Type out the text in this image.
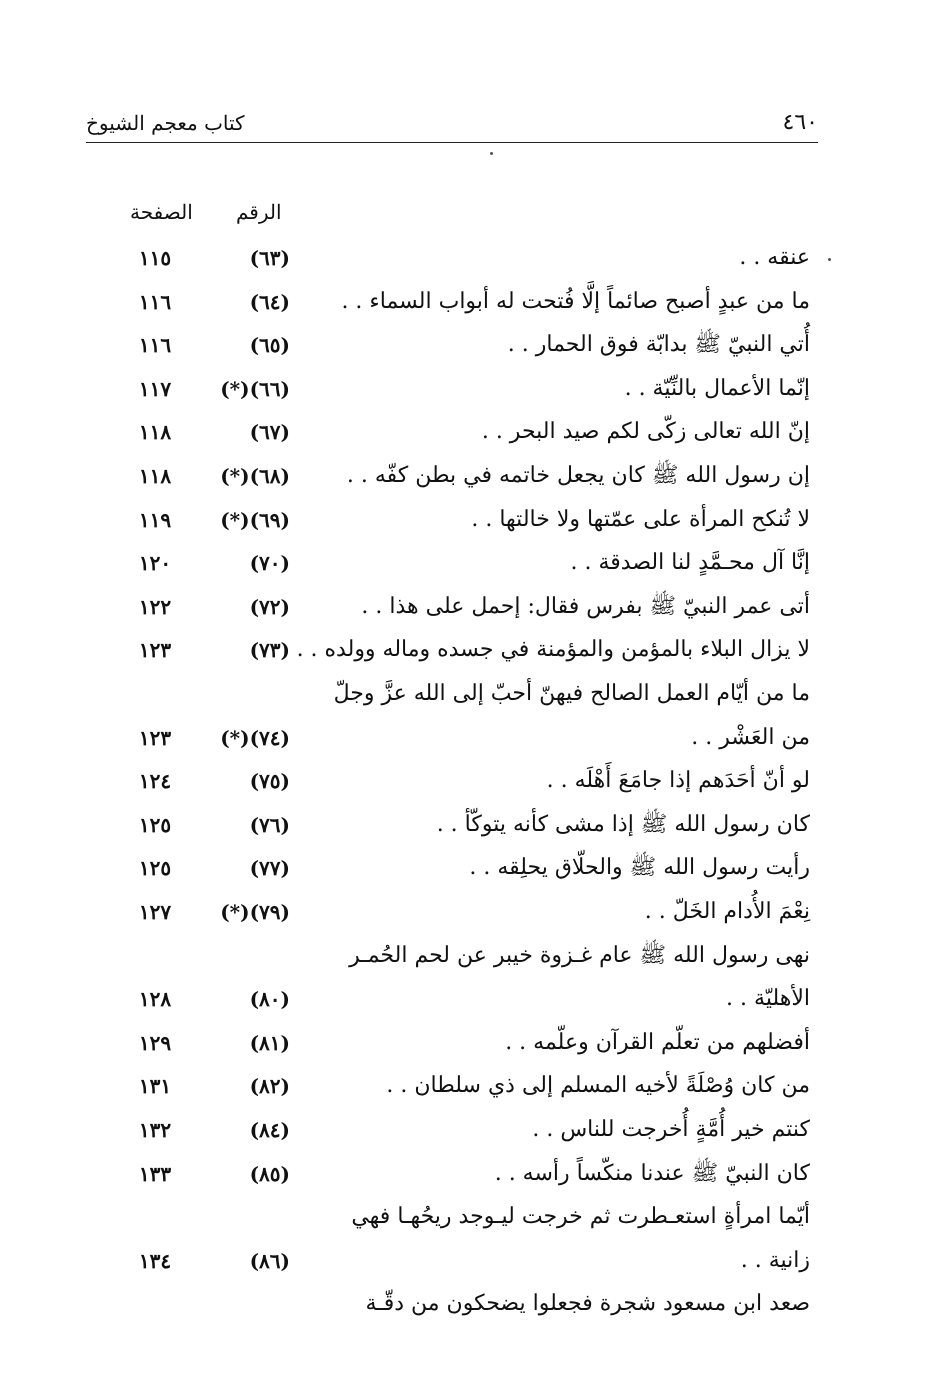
كتاب معجم الشيوخ	٤٦٠
الرقم
الصفحة
عنقه . .
(٦٣)
١١٥
ما من عبدٍ أصبح صائماً إلَّا فُتحت له أبواب السماء . .
(٦٤)
١١٦
أُتي النبيّ ﷺ بدابّة فوق الحمار . .
(٦٥)
١١٦
إنّما الأعمال بالنِّيّة . .
(٦٦)(*)
١١٧
إنّ الله تعالى زكّى لكم صيد البحر . .
(٦٧)
١١٨
إن رسول الله ﷺ كان يجعل خاتمه في بطن كفّه . .
(٦٨)(*)
١١٨
لا تُنكح المرأة على عمّتها ولا خالتها . .
(٦٩)(*)
١١٩
إنَّا آل محـمَّدٍ لنا الصدقة . .
(٧٠)
١٢٠
أتى عمر النبيّ ﷺ بفرس فقال: إحمل على هذا . .
(٧٢)
١٢٢
لا يزال البلاء بالمؤمن والمؤمنة في جسده وماله وولده . .
(٧٣)
١٢٣
ما من أيّام العمل الصالح فيهنّ أحبّ إلى الله عزَّ وجلّ
من العَشْر . .
(٧٤)(*)
١٢٣
لو أنّ أحَدَهم إذا جامَعَ أَهْلَه . .
(٧٥)
١٢٤
كان رسول الله ﷺ إذا مشى كأنه يتوكّأ . .
(٧٦)
١٢٥
رأيت رسول الله ﷺ والحلّاق يحلِقه . .
(٧٧)
١٢٥
نِعْمَ الأُدام الخَلّ . .
(٧٩)(*)
١٢٧
نهى رسول الله ﷺ عام غـزوة خيبر عن لحم الحُمـر
الأهليّة . .
(٨٠)
١٢٨
أفضلهم من تعلّم القرآن وعلّمه . .
(٨١)
١٢٩
من كان وُصْلَةً لأخيه المسلم إلى ذي سلطان . .
(٨٢)
١٣١
كنتم خير أُمَّةٍ أُخرجت للناس . .
(٨٤)
١٣٢
كان النبيّ ﷺ عندنا منكّساً رأسه . .
(٨٥)
١٣٣
أيّما امرأةٍ استعـطرت ثم خرجت ليـوجد ريحُهـا فهي
زانية . .
(٨٦)
١٣٤
صعد ابن مسعود شجرة فجعلوا يضحكون من دقّـة
